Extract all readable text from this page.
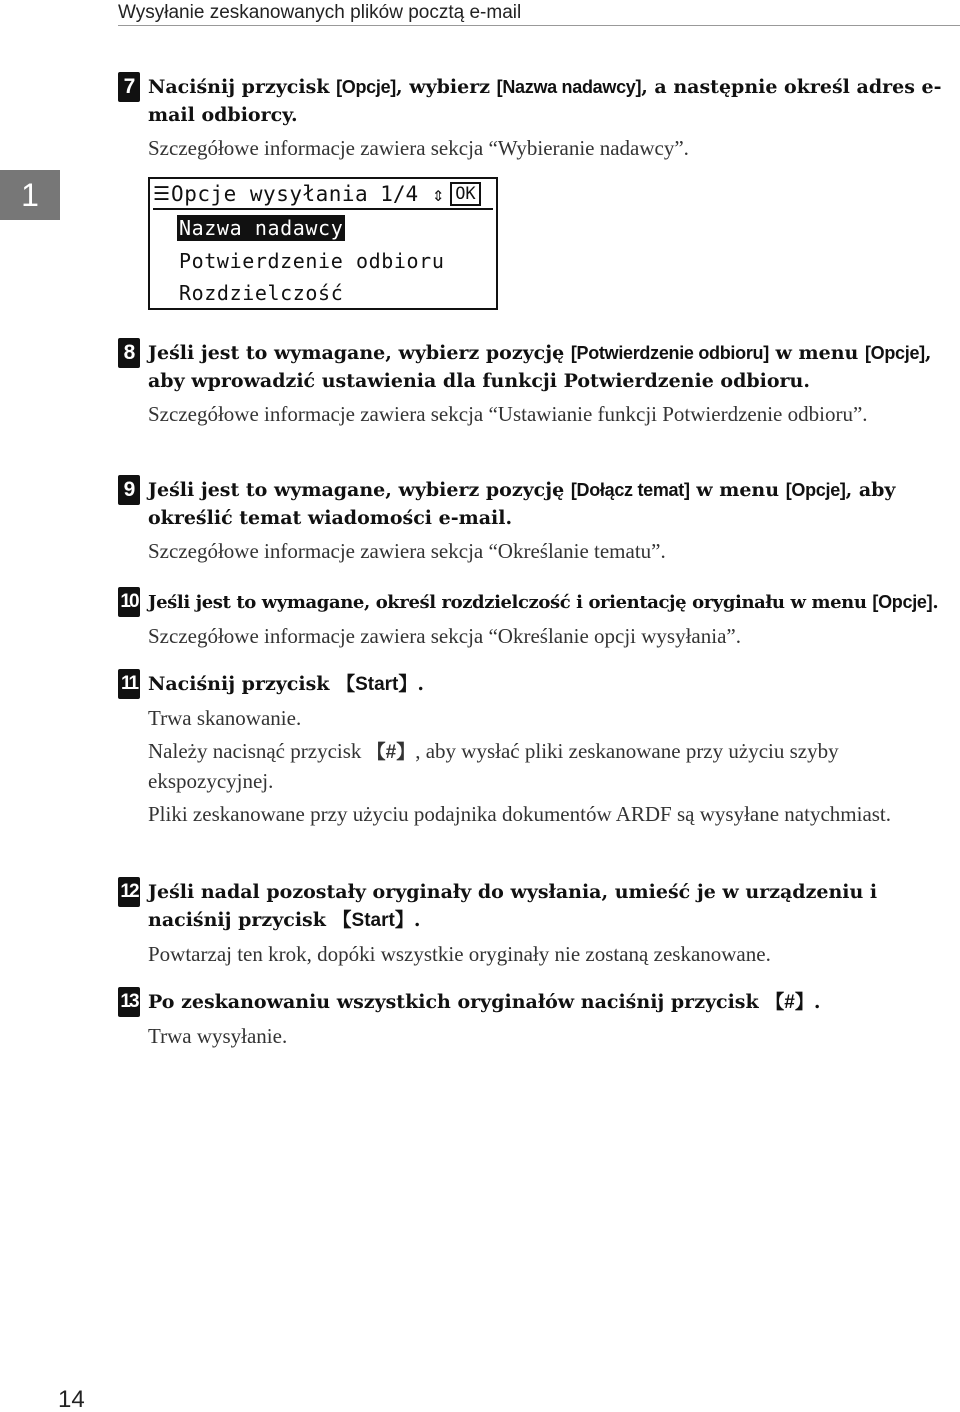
Wysyłanie zeskanowanych plików pocztą e-mail
1
7 Naciśnij przycisk [Opcje], wybierz [Nazwa nadawcy], a następnie określ adres e-mail odbiorcy.
Szczegółowe informacje zawiera sekcja “Wybieranie nadawcy”.
☰ Opcje wysyłania 1/4 ⇕ OK
Nazwa nadawcy
Potwierdzenie odbioru
Rozdzielczość
8 Jeśli jest to wymagane, wybierz pozycję [Potwierdzenie odbioru] w menu [Opcje], aby wprowadzić ustawienia dla funkcji Potwierdzenie odbioru.
Szczegółowe informacje zawiera sekcja “Ustawianie funkcji Potwierdzenie odbioru”.
9 Jeśli jest to wymagane, wybierz pozycję [Dołącz temat] w menu [Opcje], aby określić temat wiadomości e-mail.
Szczegółowe informacje zawiera sekcja “Określanie tematu”.
10 Jeśli jest to wymagane, określ rozdzielczość i orientację oryginału w menu [Opcje].
Szczegółowe informacje zawiera sekcja “Określanie opcji wysyłania”.
11 Naciśnij przycisk 【Start】.
Trwa skanowanie.
Należy nacisnąć przycisk 【#】, aby wysłać pliki zeskanowane przy użyciu szyby ekspozycyjnej.
Pliki zeskanowane przy użyciu podajnika dokumentów ARDF są wysyłane natychmiast.
12 Jeśli nadal pozostały oryginały do wysłania, umieść je w urządzeniu i naciśnij przycisk 【Start】.
Powtarzaj ten krok, dopóki wszystkie oryginały nie zostaną zeskanowane.
13 Po zeskanowaniu wszystkich oryginałów naciśnij przycisk 【#】.
Trwa wysyłanie.
14
